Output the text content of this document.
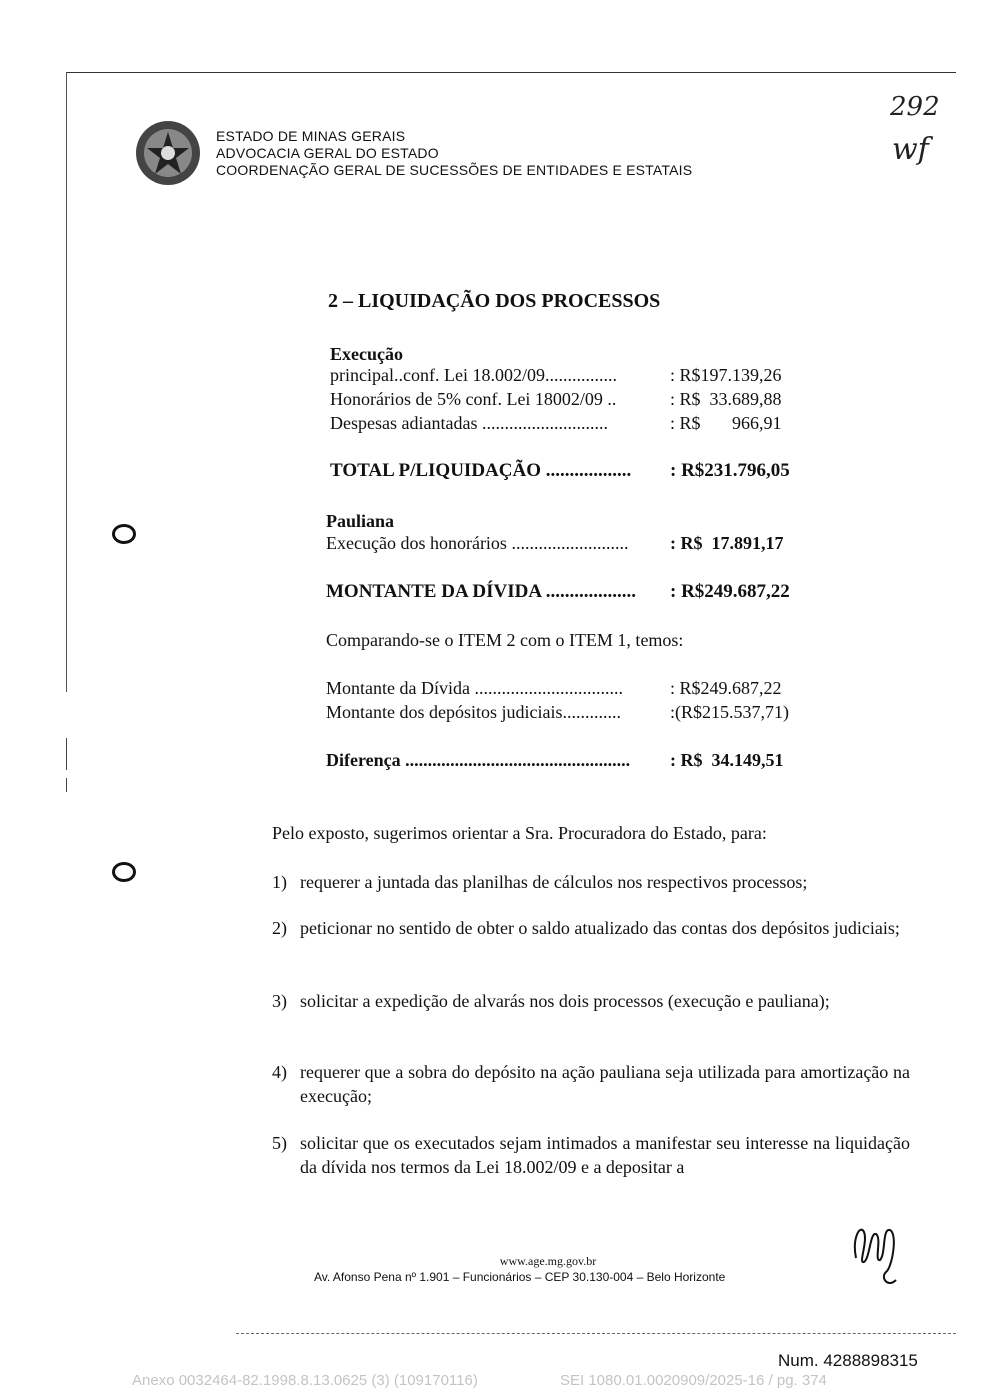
ESTADO DE MINAS GERAIS
ADVOCACIA GERAL DO ESTADO
COORDENAÇÃO GERAL DE SUCESSÕES DE ENTIDADES E ESTATAIS
292
wf
2 – LIQUIDAÇÃO DOS PROCESSOS
Execução
principal..conf. Lei 18.002/09................	: R$197.139,26
Honorários de 5% conf. Lei 18002/09 ..	: R$  33.689,88
Despesas adiantadas ............................	: R$       966,91
TOTAL P/LIQUIDAÇÃO .................. : R$231.796,05
Pauliana
Execução dos honorários .......................... : R$  17.891,17
MONTANTE DA DÍVIDA ................... : R$249.687,22
Comparando-se o ITEM 2 com o ITEM 1, temos:
Montante da Dívida .................................	: R$249.687,22
Montante dos depósitos judiciais.............	:(R$215.537,71)
Diferença .................................................. : R$  34.149,51
Pelo exposto, sugerimos orientar a Sra. Procuradora do Estado, para:
1) requerer a juntada das planilhas de cálculos nos respectivos processos;
2) peticionar no sentido de obter o saldo atualizado das contas dos depósitos judiciais;
3) solicitar a expedição de alvarás nos dois processos (execução e pauliana);
4) requerer que a sobra do depósito na ação pauliana seja utilizada para amortização na execução;
5) solicitar que os executados sejam intimados a manifestar seu interesse na liquidação da dívida nos termos da Lei 18.002/09 e a depositar a
www.age.mg.gov.br
Av. Afonso Pena nº 1.901 – Funcionários – CEP 30.130-004 – Belo Horizonte
Num. 4288898315
Anexo 0032464-82.1998.8.13.0625 (3) (109170116)	SEI 1080.01.0020909/2025-16 / pg. 374
